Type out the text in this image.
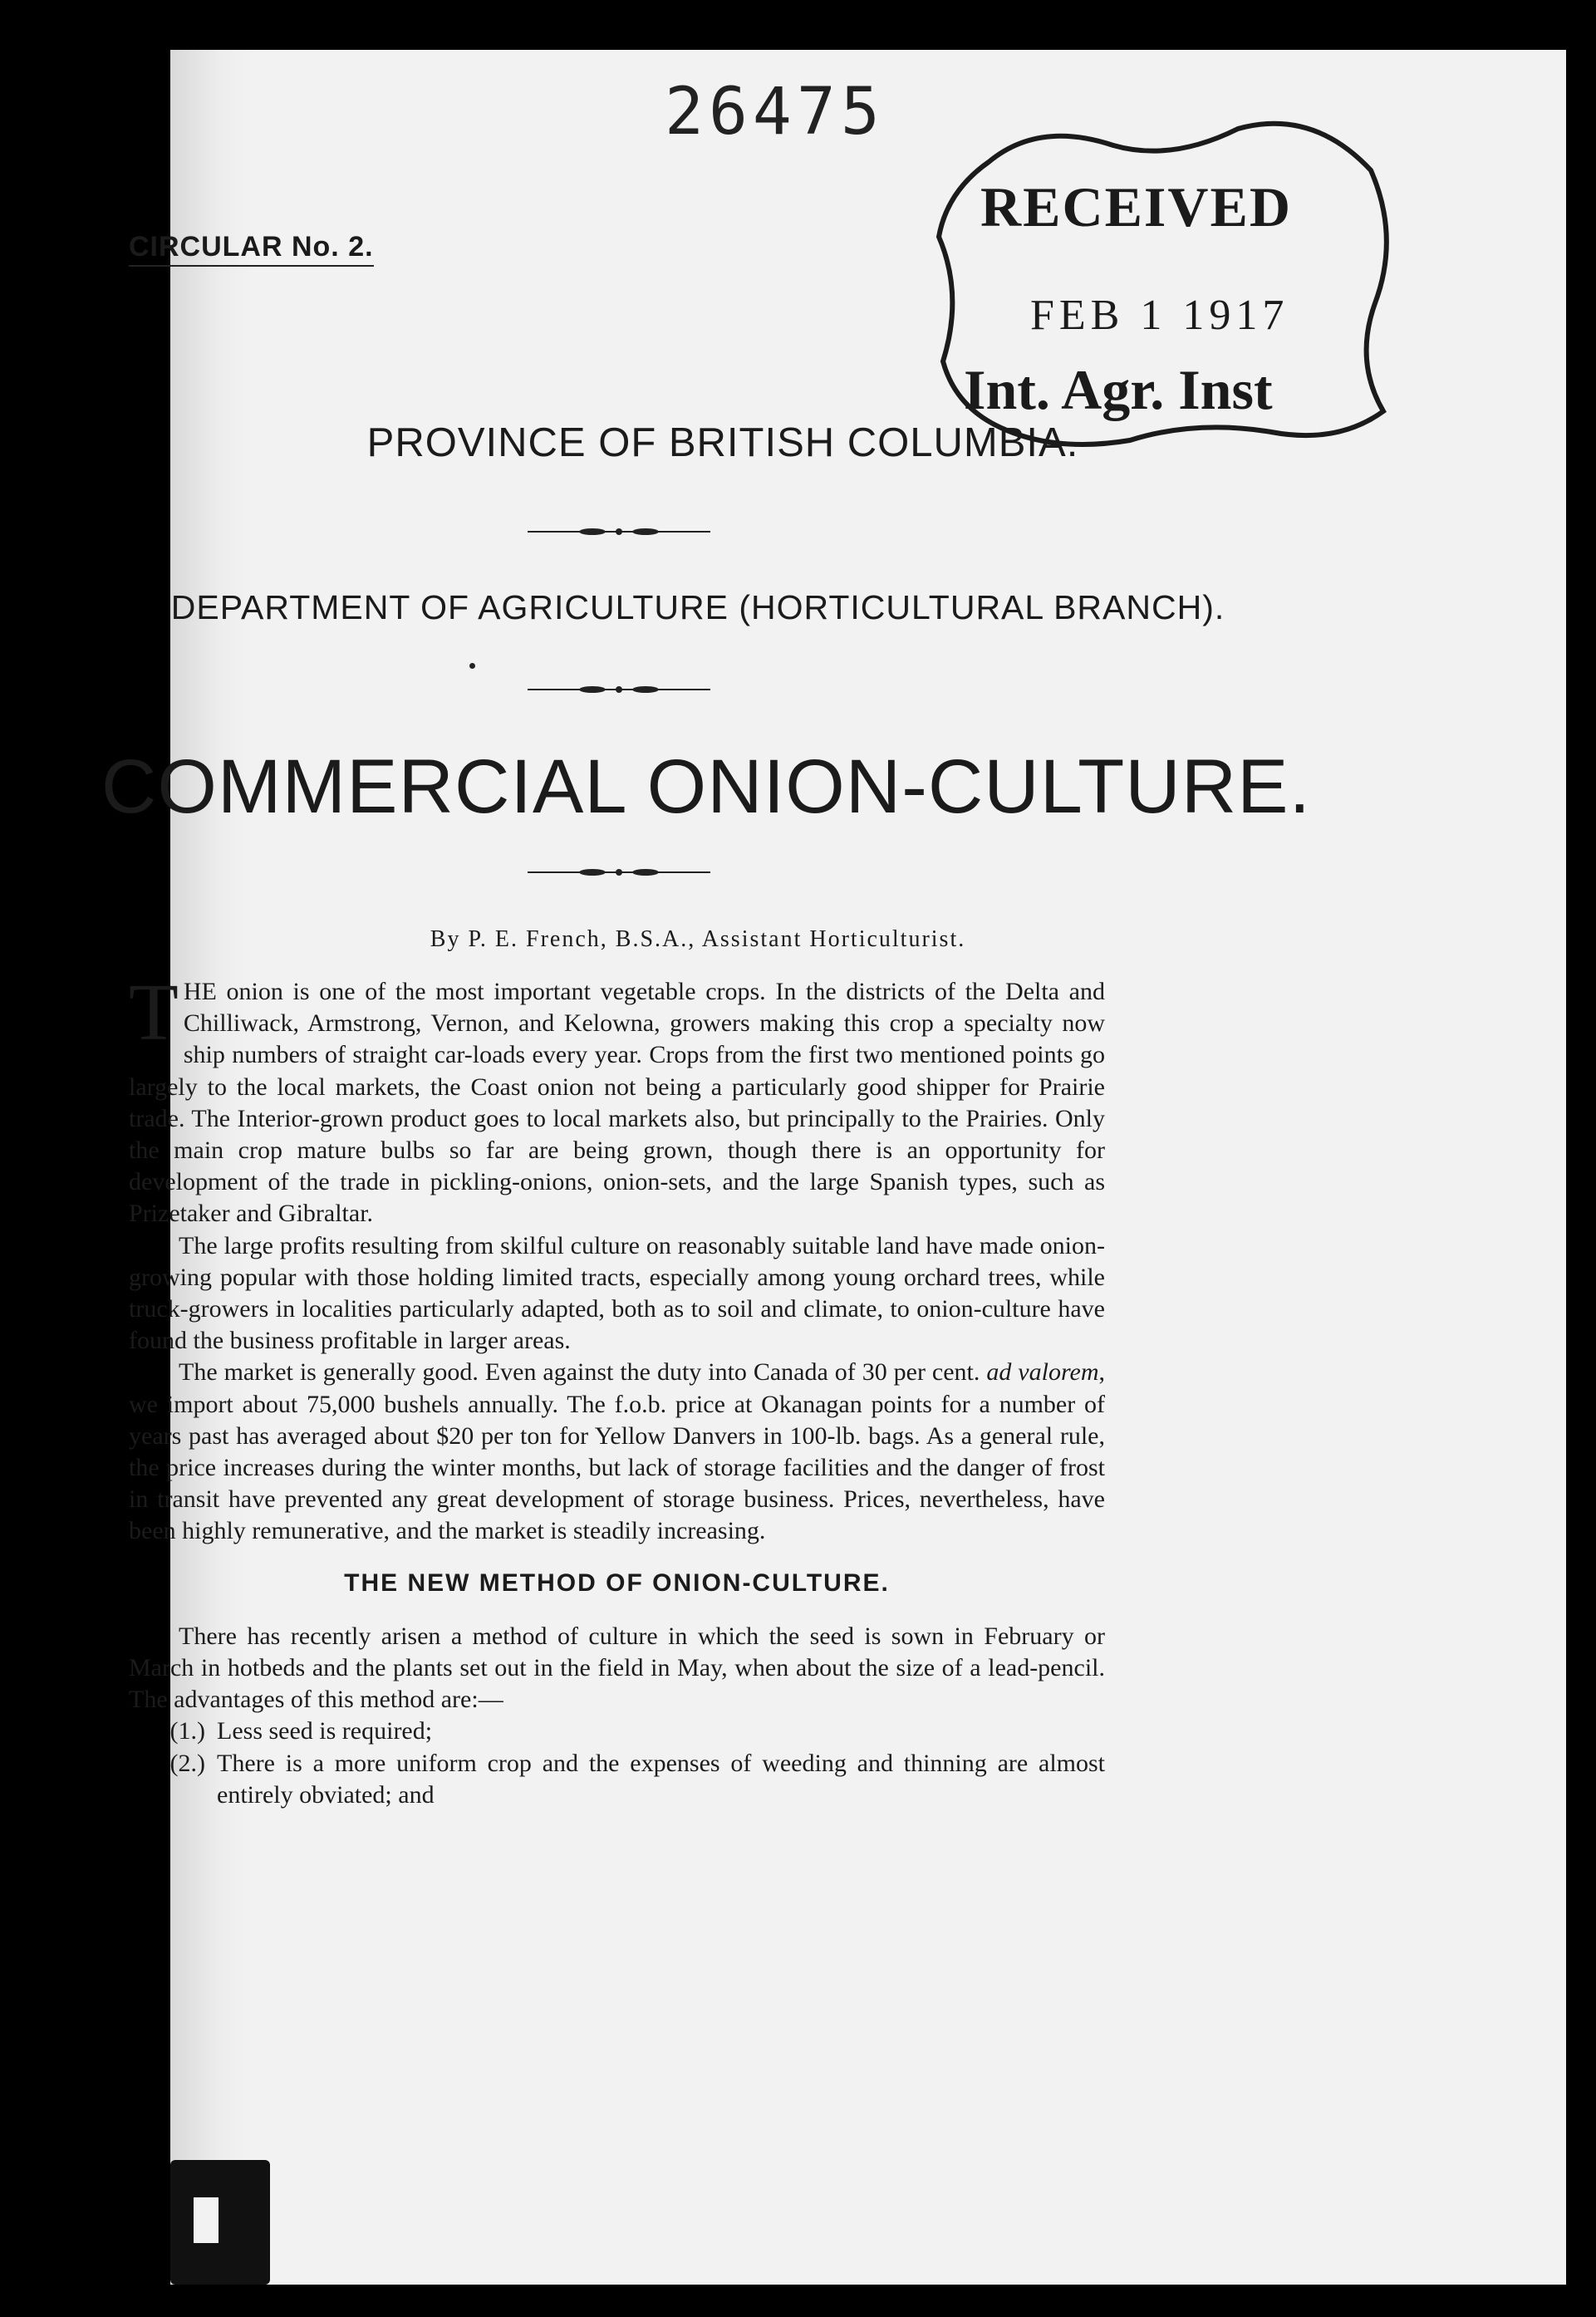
26475
CIRCULAR No. 2.
RECEIVED
FEB 1 1917
Int. Agr. Inst
PROVINCE OF BRITISH COLUMBIA.
DEPARTMENT OF AGRICULTURE (HORTICULTURAL BRANCH).
COMMERCIAL ONION-CULTURE.
By P. E. French, B.S.A., Assistant Horticulturist.

THE onion is one of the most important vegetable crops. In the districts of the Delta and Chilliwack, Armstrong, Vernon, and Kelowna, growers making this crop a specialty now ship numbers of straight car-loads every year. Crops from the first two mentioned points go largely to the local markets, the Coast onion not being a particularly good shipper for Prairie trade. The Interior-grown product goes to local markets also, but principally to the Prairies. Only the main crop mature bulbs so far are being grown, though there is an opportunity for development of the trade in pickling-onions, onion-sets, and the large Spanish types, such as Prizetaker and Gibraltar.

The large profits resulting from skilful culture on reasonably suitable land have made onion-growing popular with those holding limited tracts, especially among young orchard trees, while truck-growers in localities particularly adapted, both as to soil and climate, to onion-culture have found the business profitable in larger areas.

The market is generally good. Even against the duty into Canada of 30 per cent. ad valorem, we import about 75,000 bushels annually. The f.o.b. price at Okanagan points for a number of years past has averaged about $20 per ton for Yellow Danvers in 100-lb. bags. As a general rule, the price increases during the winter months, but lack of storage facilities and the danger of frost in transit have prevented any great development of storage business. Prices, nevertheless, have been highly remunerative, and the market is steadily increasing.

THE NEW METHOD OF ONION-CULTURE.

There has recently arisen a method of culture in which the seed is sown in February or March in hotbeds and the plants set out in the field in May, when about the size of a lead-pencil. The advantages of this method are:—

(1.) Less seed is required;

(2.) There is a more uniform crop and the expenses of weeding and thinning are almost entirely obviated; and
